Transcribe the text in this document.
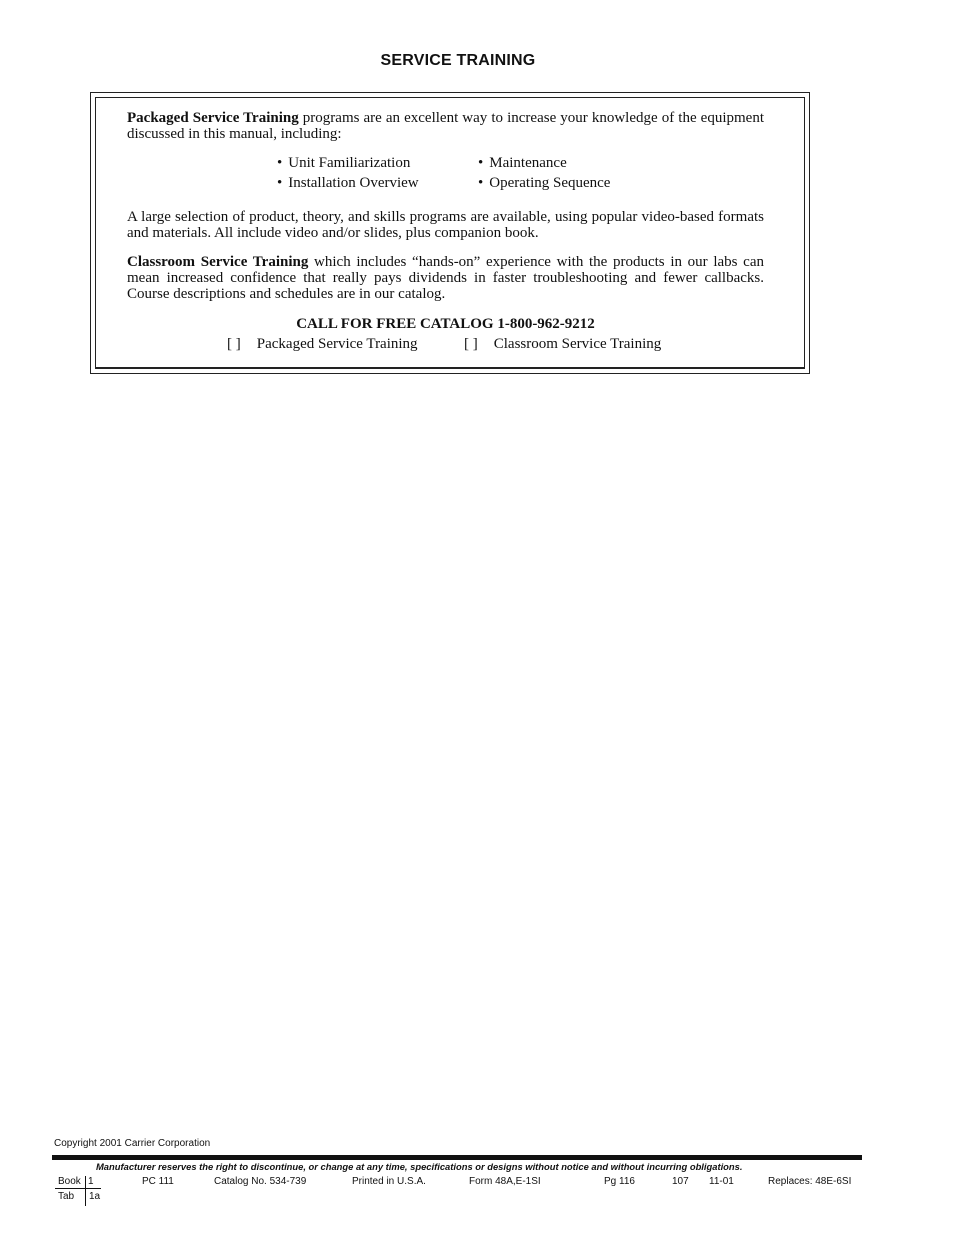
SERVICE TRAINING

Packaged Service Training programs are an excellent way to increase your knowledge of the equipment discussed in this manual, including:

• Unit Familiarization	• Maintenance
• Installation Overview	• Operating Sequence

A large selection of product, theory, and skills programs are available, using popular video-based formats and materials. All include video and/or slides, plus companion book.

Classroom Service Training which includes “hands-on” experience with the products in our labs can mean increased confidence that really pays dividends in faster troubleshooting and fewer callbacks. Course descriptions and schedules are in our catalog.

CALL FOR FREE CATALOG 1-800-962-9212
[ ] Packaged Service Training	[ ] Classroom Service Training
Copyright 2001 Carrier Corporation
Manufacturer reserves the right to discontinue, or change at any time, specifications or designs without notice and without incurring obligations.
Book 1	PC 111	Catalog No. 534-739	Printed in U.S.A.	Form 48A,E-1SI	Pg 116	107 11-01	Replaces: 48E-6SI
Tab 1a
